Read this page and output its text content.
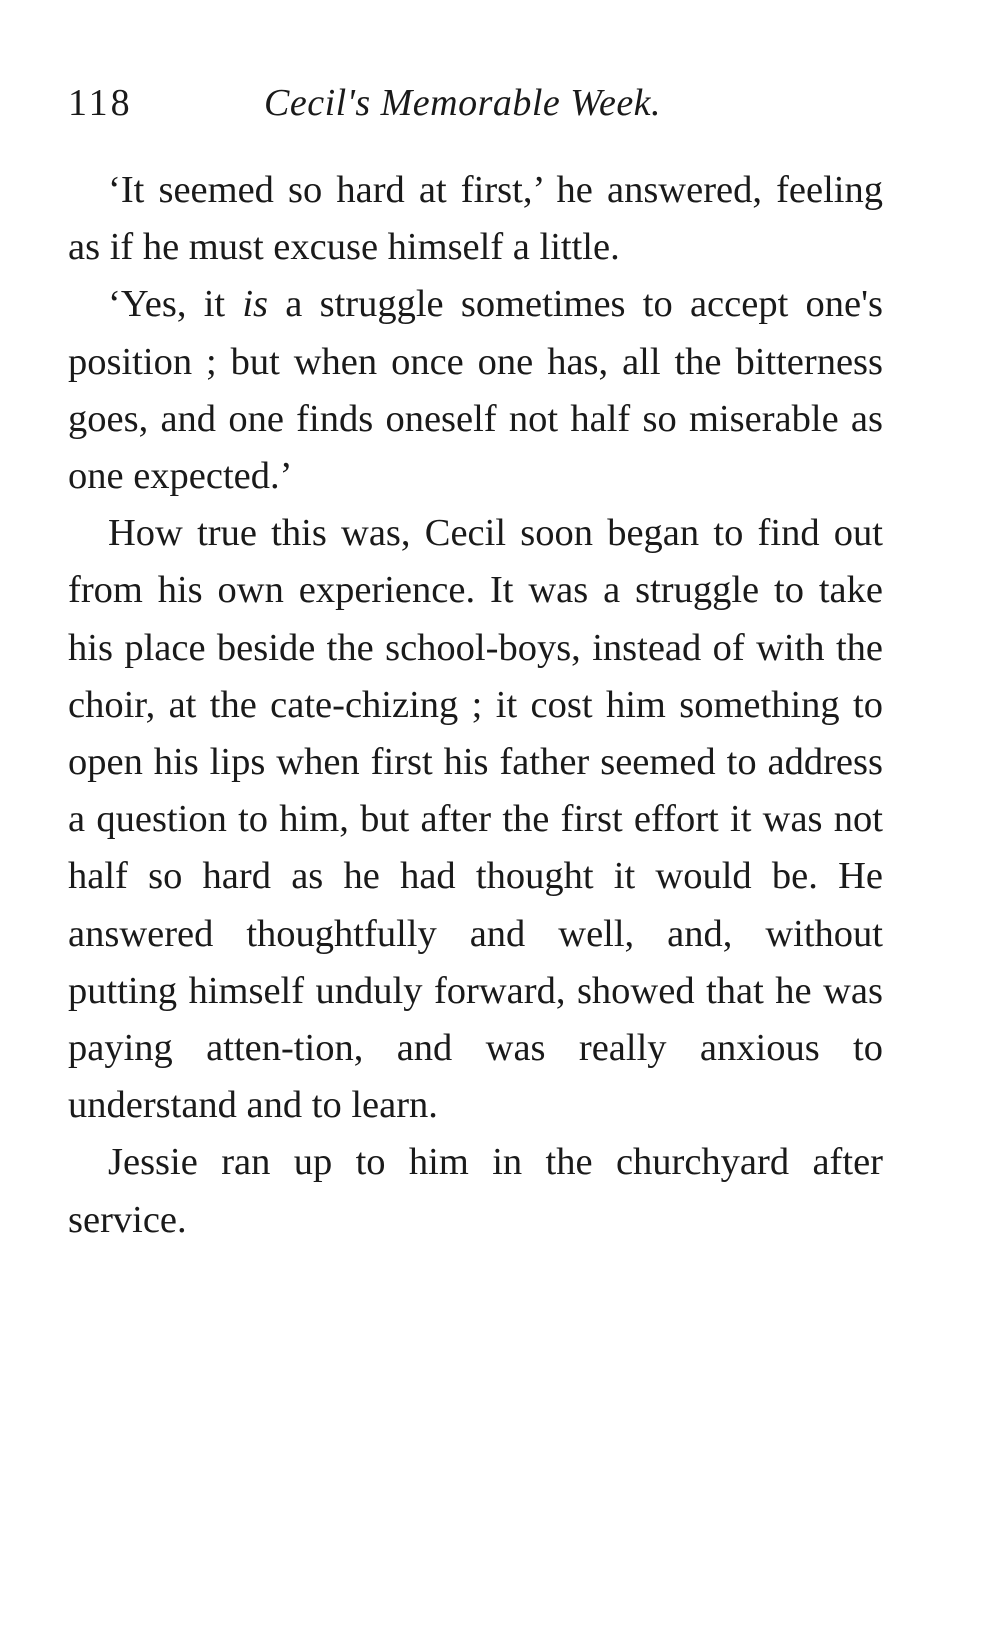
118	Cecil's Memorable Week.

‘It seemed so hard at first,’ he answered, feeling as if he must excuse himself a little.

‘Yes, it is a struggle sometimes to accept one's position ; but when once one has, all the bitterness goes, and one finds oneself not half so miserable as one expected.’

How true this was, Cecil soon began to find out from his own experience. It was a struggle to take his place beside the school-boys, instead of with the choir, at the cate-chizing ; it cost him something to open his lips when first his father seemed to address a question to him, but after the first effort it was not half so hard as he had thought it would be. He answered thoughtfully and well, and, without putting himself unduly forward, showed that he was paying atten-tion, and was really anxious to understand and to learn.

Jessie ran up to him in the churchyard after service.
